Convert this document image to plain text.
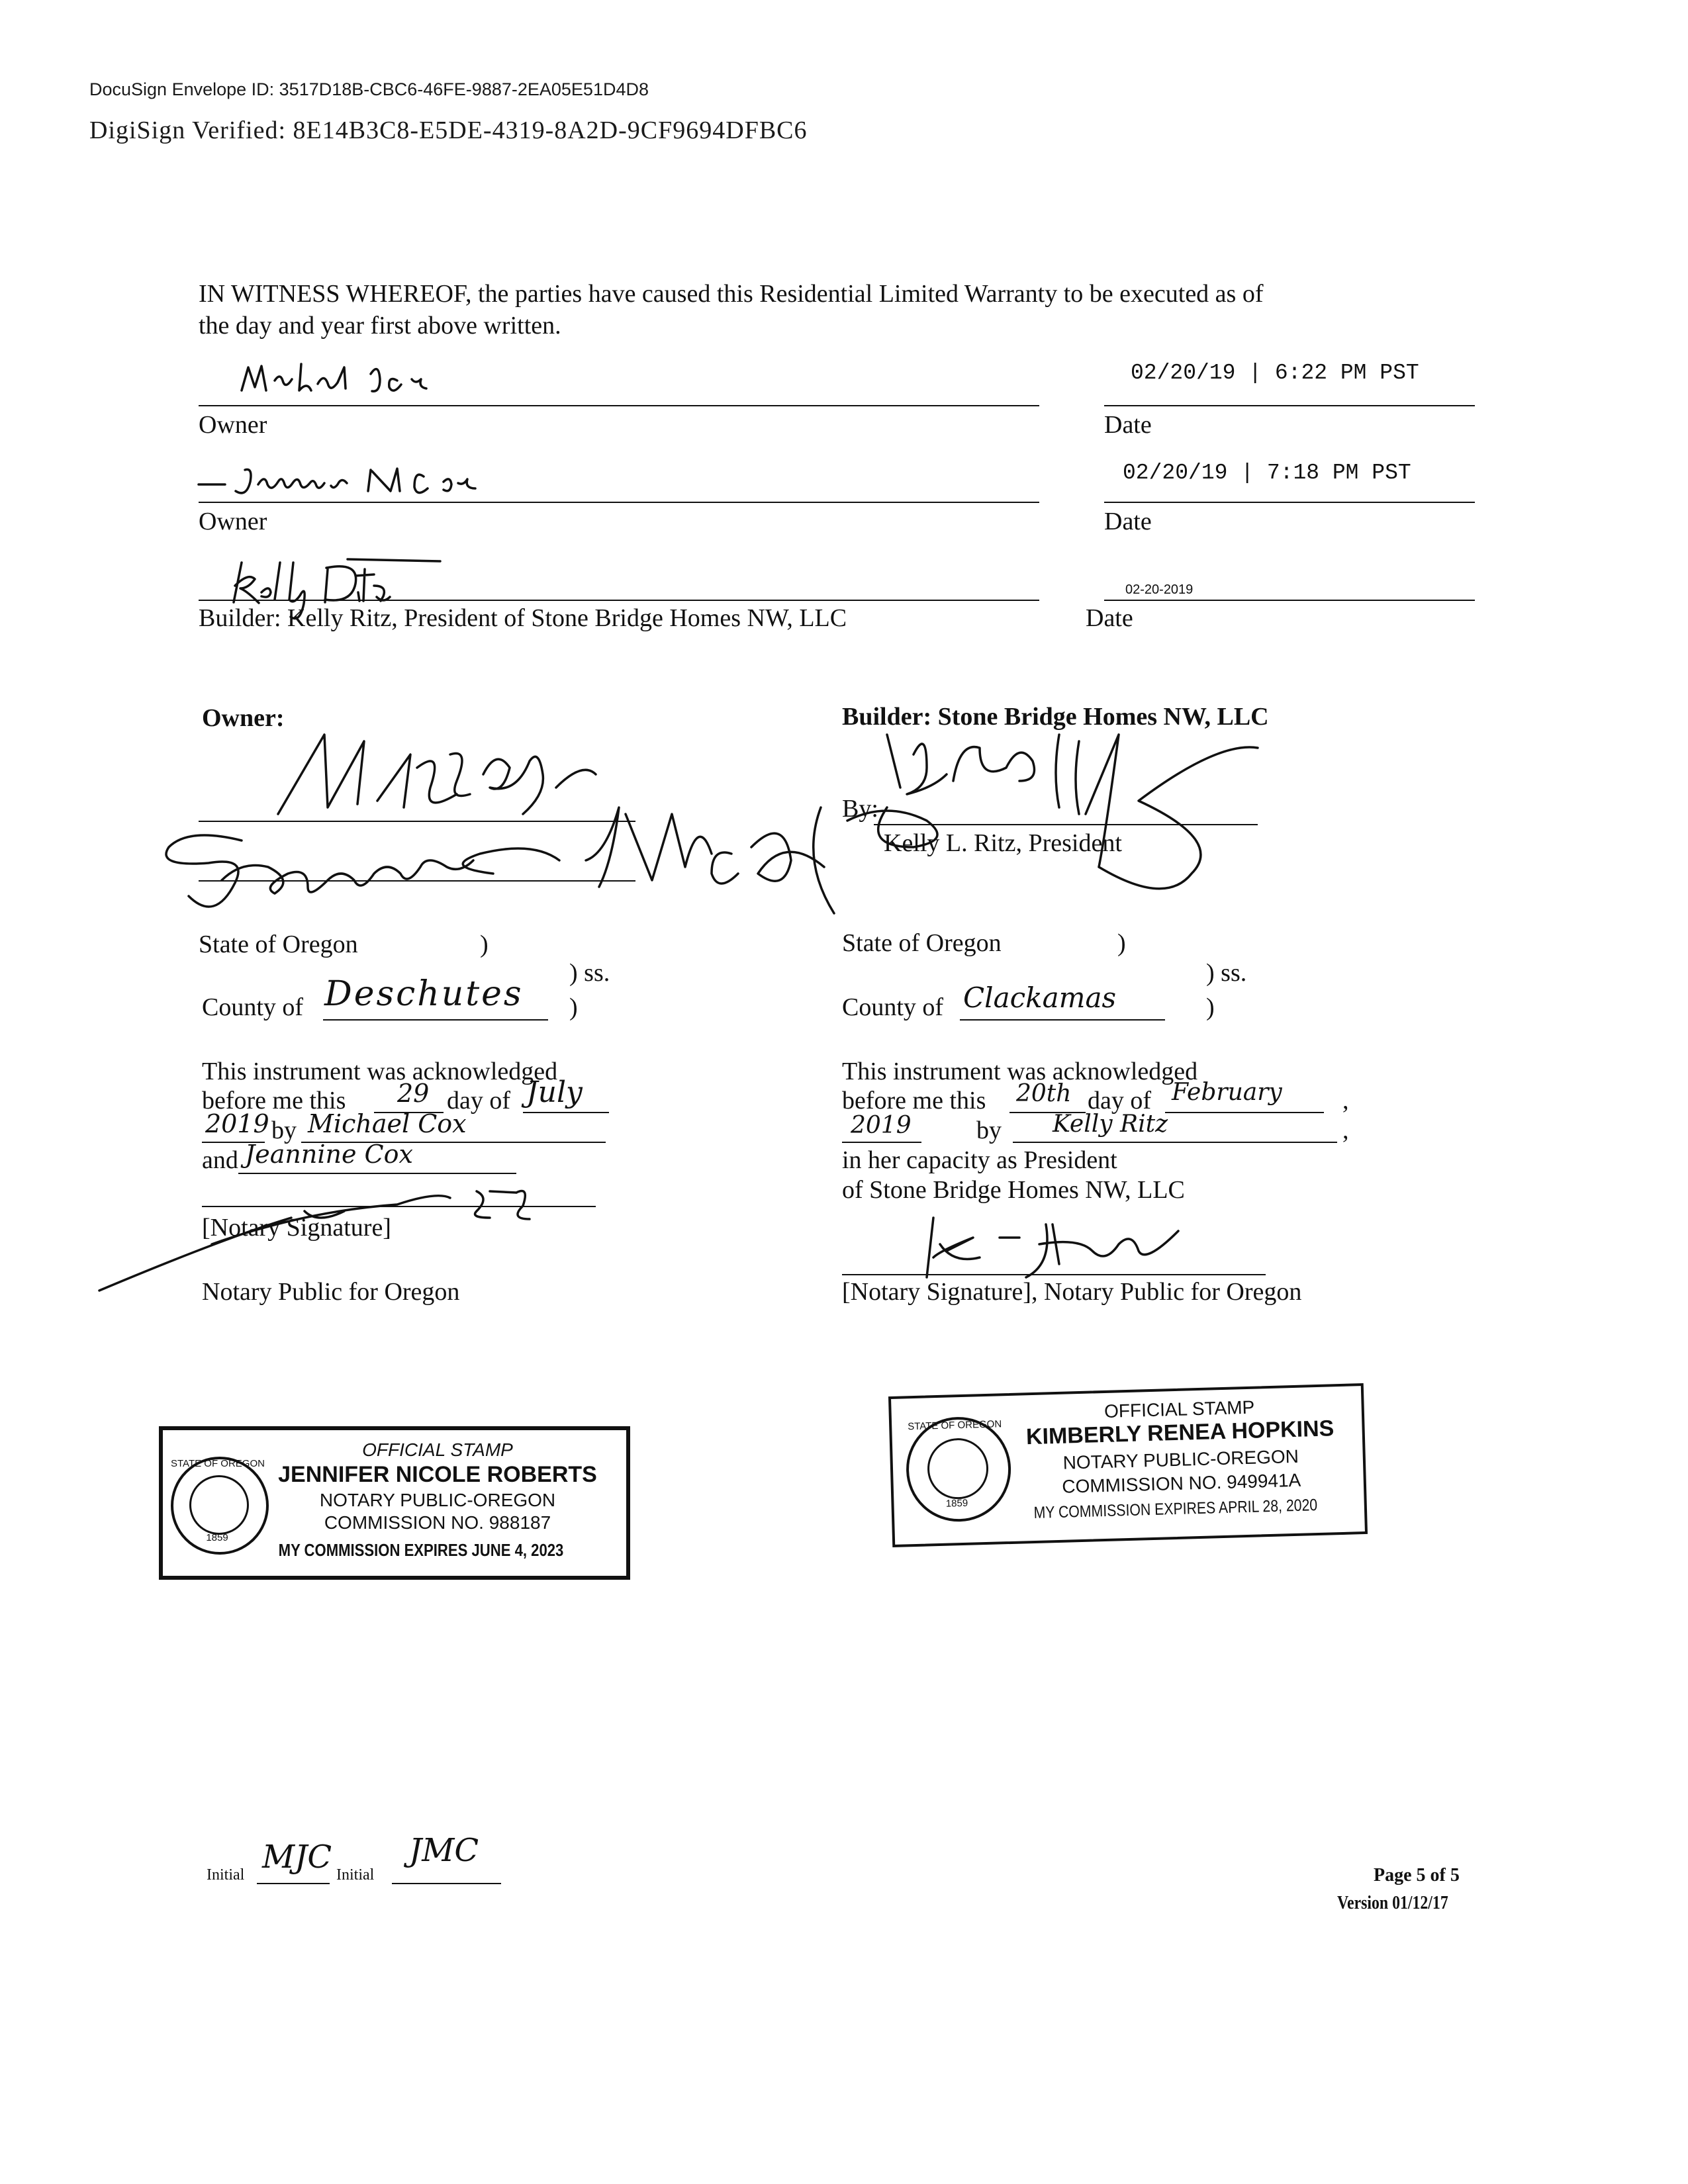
DocuSign Envelope ID: 3517D18B-CBC6-46FE-9887-2EA05E51D4D8
DigiSign Verified: 8E14B3C8-E5DE-4319-8A2D-9CF9694DFBC6
IN WITNESS WHEREOF, the parties have caused this Residential Limited Warranty to be executed as of
the day and year first above written.
Owner
02/20/19 | 6:22 PM PST
Date
Owner
02/20/19 | 7:18 PM PST
Date
Builder: Kelly Ritz, President of Stone Bridge Homes NW, LLC
02-20-2019
Date
Owner:
State of Oregon	)
) ss.
County of Deschutes )
This instrument was acknowledged
before me this 29 day of July
2019 by Michael Cox
and Jeannine Cox
[Notary Signature]
Notary Public for Oregon
Builder: Stone Bridge Homes NW, LLC
By:
Kelly L. Ritz, President
State of Oregon	)
) ss.
County of Clackamas	)
This instrument was acknowledged
before me this 20th day of February ,
2019	by Kelly Ritz	,
in her capacity as President
of Stone Bridge Homes NW, LLC
[Notary Signature], Notary Public for Oregon
STATE OF OREGON
1859
OFFICIAL STAMP
JENNIFER NICOLE ROBERTS
NOTARY PUBLIC-OREGON
COMMISSION NO. 988187
MY COMMISSION EXPIRES JUNE 4, 2023
STATE OF OREGON
1859
OFFICIAL STAMP
KIMBERLY RENEA HOPKINS
NOTARY PUBLIC-OREGON
COMMISSION NO. 949941A
MY COMMISSION EXPIRES APRIL 28, 2020
Initial MJC Initial
JMC
Page 5 of 5
Version 01/12/17
